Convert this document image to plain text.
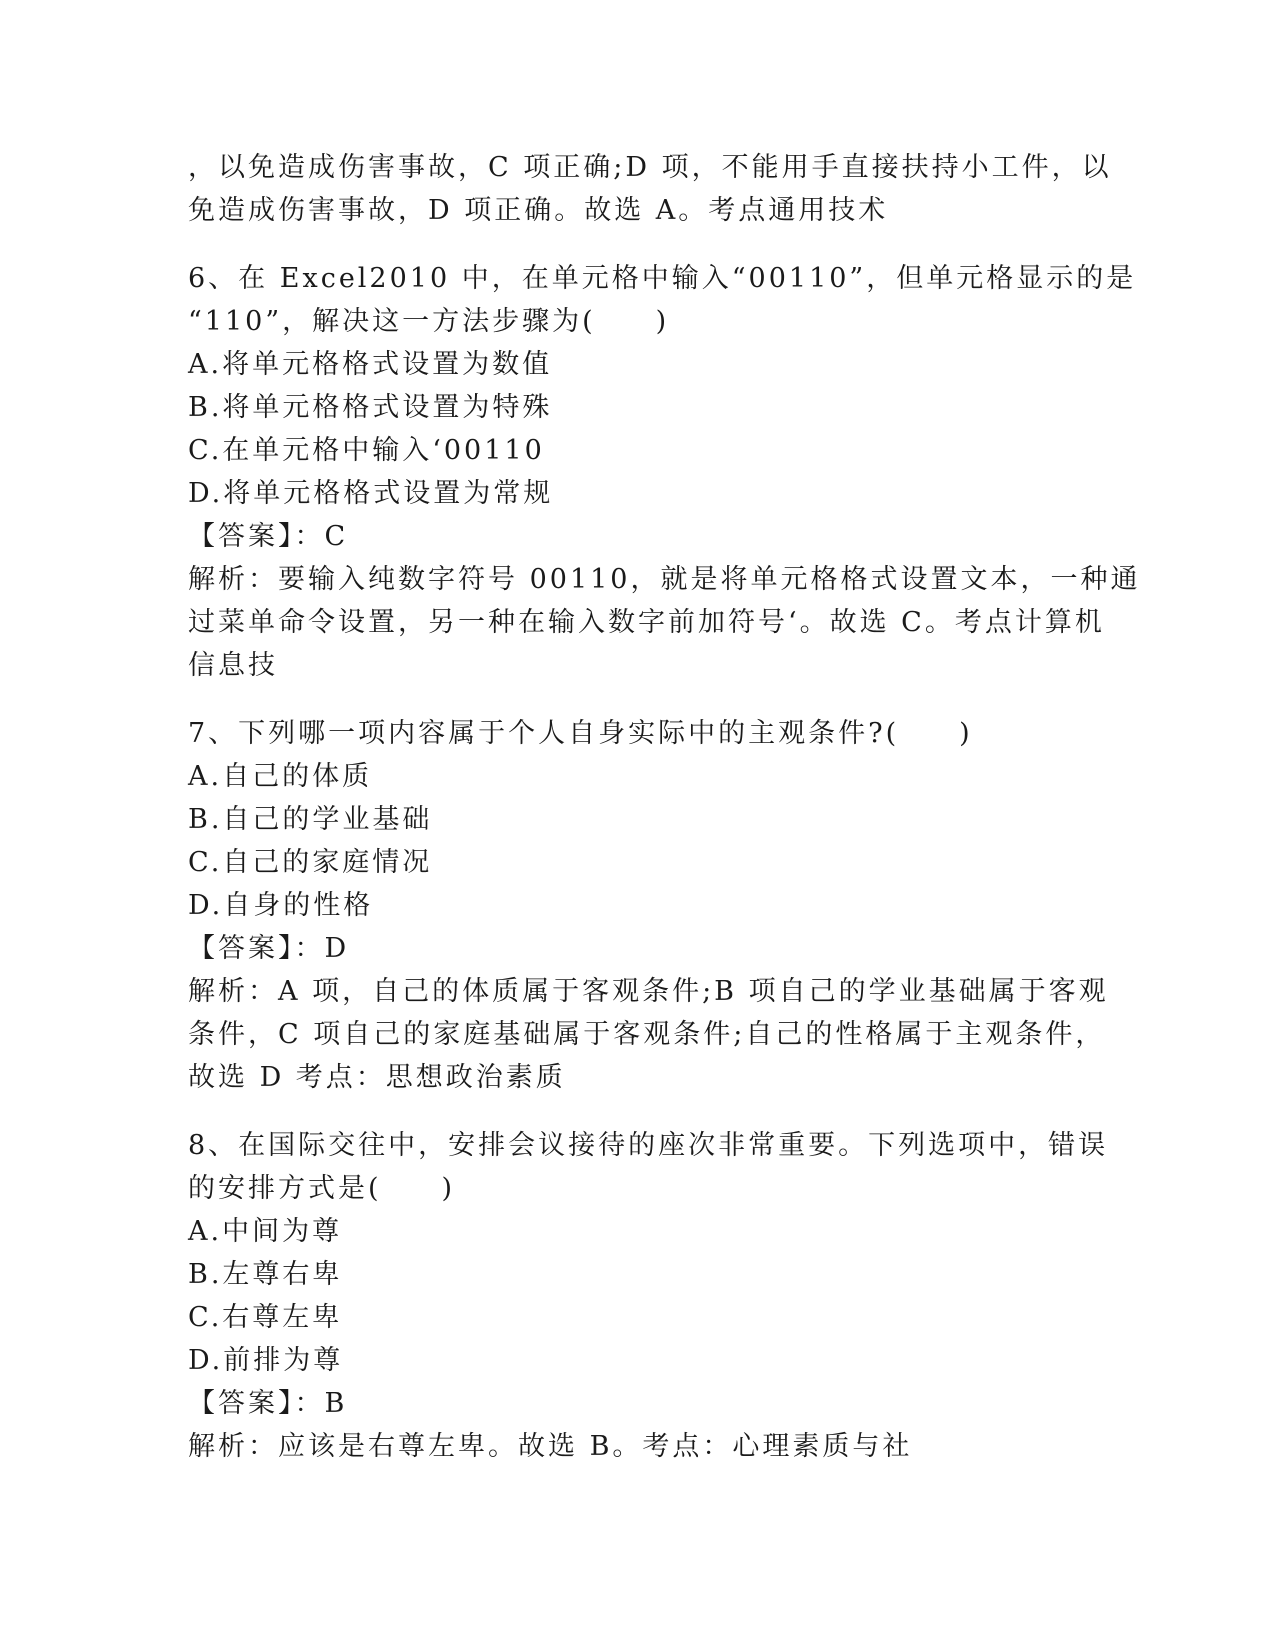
，以免造成伤害事故，C 项正确;D 项，不能用手直接扶持小工件，以
免造成伤害事故，D 项正确。故选 A。考点通用技术
6、在 Excel2010 中，在单元格中输入“00110”，但单元格显示的是
“110”，解决这一方法步骤为(　　)
A.将单元格格式设置为数值
B.将单元格格式设置为特殊
C.在单元格中输入‘00110
D.将单元格格式设置为常规
【答案】：C
解析：要输入纯数字符号 00110，就是将单元格格式设置文本，一种通
过菜单命令设置，另一种在输入数字前加符号‘。故选 C。考点计算机
信息技
7、下列哪一项内容属于个人自身实际中的主观条件?(　　)
A.自己的体质
B.自己的学业基础
C.自己的家庭情况
D.自身的性格
【答案】：D
解析：A 项，自己的体质属于客观条件;B 项自己的学业基础属于客观
条件，C 项自己的家庭基础属于客观条件;自己的性格属于主观条件，
故选 D 考点：思想政治素质
8、在国际交往中，安排会议接待的座次非常重要。下列选项中，错误
的安排方式是(　　)
A.中间为尊
B.左尊右卑
C.右尊左卑
D.前排为尊
【答案】：B
解析：应该是右尊左卑。故选 B。考点：心理素质与社
